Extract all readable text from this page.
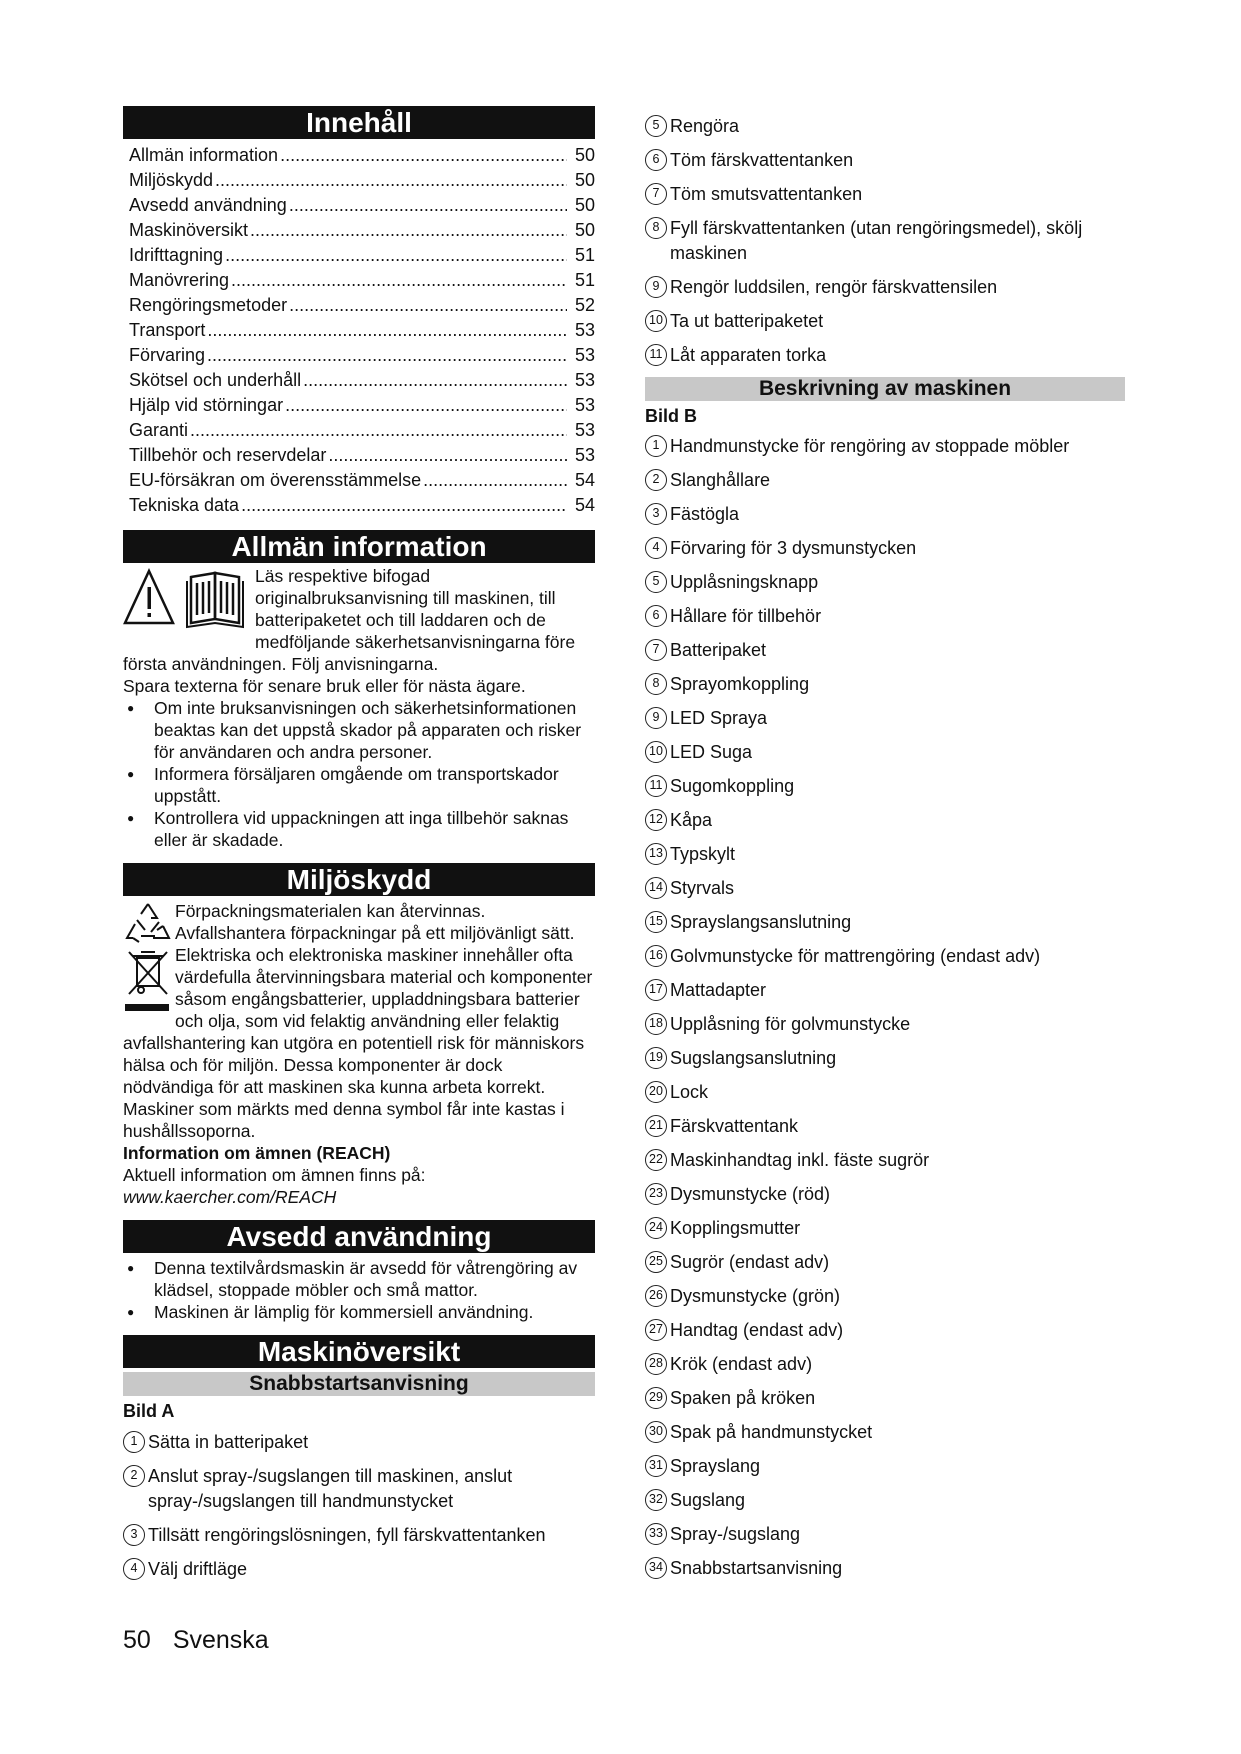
Innehåll
Allmän information .....	50
Miljöskydd .....	50
Avsedd användning .....	50
Maskinöversikt .....	50
Idrifttagning .....	51
Manövrering .....	51
Rengöringsmetoder .....	52
Transport .....	53
Förvaring .....	53
Skötsel och underhåll .....	53
Hjälp vid störningar .....	53
Garanti .....	53
Tillbehör och reservdelar .....	53
EU-försäkran om överensstämmelse .....	54
Tekniska data .....	54
Allmän information

Läs respektive bifogad originalbruksanvisning till maskinen, till batteripaketet och till laddaren och de medföljande säkerhetsanvisningarna före första användningen. Följ anvisningarna.

Spara texterna för senare bruk eller för nästa ägare.

● Om inte bruksanvisningen och säkerhetsinformationen beaktas kan det uppstå skador på apparaten och risker för användaren och andra personer.
● Informera försäljaren omgående om transportskador uppstått.
● Kontrollera vid uppackningen att inga tillbehör saknas eller är skadade.
Miljöskydd

Förpackningsmaterialen kan återvinnas. Avfallshantera förpackningar på ett miljövänligt sätt.

Elektriska och elektroniska maskiner innehåller ofta värdefulla återvinningsbara material och komponenter såsom engångsbatterier, uppladdningsbara batterier och olja, som vid felaktig användning eller felaktig avfallshantering kan utgöra en potentiell risk för människors hälsa och för miljön. Dessa komponenter är dock nödvändiga för att maskinen ska kunna arbeta korrekt. Maskiner som märkts med denna symbol får inte kastas i hushållssoporna.

Information om ämnen (REACH)
Aktuell information om ämnen finns på: www.kaercher.com/REACH
Avsedd användning
● Denna textilvårdsmaskin är avsedd för våtrengöring av klädsel, stoppade möbler och små mattor.
● Maskinen är lämplig för kommersiell användning.
Maskinöversikt
Snabbstartsanvisning
Bild A
1 Sätta in batteripaket
2 Anslut spray-/sugslangen till maskinen, anslut spray-/sugslangen till handmunstycket
3 Tillsätt rengöringslösningen, fyll färskvattentanken
4 Välj driftläge
5 Rengöra
6 Töm färskvattentanken
7 Töm smutsvattentanken
8 Fyll färskvattentanken (utan rengöringsmedel), skölj maskinen
9 Rengör luddsilen, rengör färskvattensilen
10 Ta ut batteripaketet
11 Låt apparaten torka
Beskrivning av maskinen
Bild B
1 Handmunstycke för rengöring av stoppade möbler
2 Slanghållare
3 Fästögla
4 Förvaring för 3 dysmunstycken
5 Upplåsningsknapp
6 Hållare för tillbehör
7 Batteripaket
8 Sprayomkoppling
9 LED Spraya
10 LED Suga
11 Sugomkoppling
12 Kåpa
13 Typskylt
14 Styrvals
15 Sprayslangsanslutning
16 Golvmunstycke för mattrengöring (endast adv)
17 Mattadapter
18 Upplåsning för golvmunstycke
19 Sugslangsanslutning
20 Lock
21 Färskvattentank
22 Maskinhandtag inkl. fäste sugrör
23 Dysmunstycke (röd)
24 Kopplingsmutter
25 Sugrör (endast adv)
26 Dysmunstycke (grön)
27 Handtag (endast adv)
28 Krök (endast adv)
29 Spaken på kröken
30 Spak på handmunstycket
31 Sprayslang
32 Sugslang
33 Spray-/sugslang
34 Snabbstartsanvisning
50 Svenska
